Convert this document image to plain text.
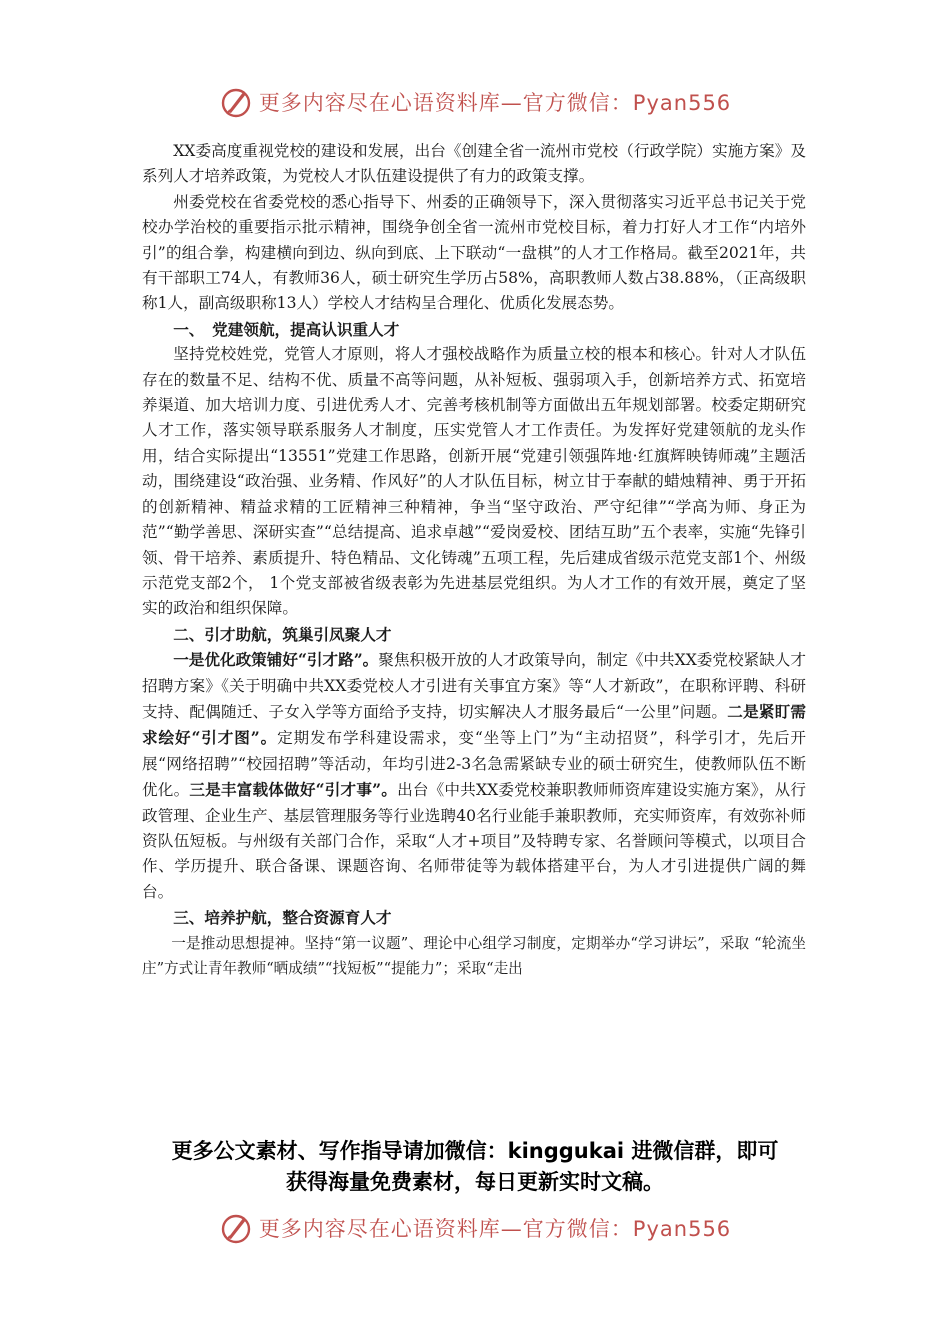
更多内容尽在心语资料库—官方微信：Pyan556

XX委高度重视党校的建设和发展，出台《创建全省一流州市党校（行政学院）实施方案》及系列人才培养政策，为党校人才队伍建设提供了有力的政策支撑。

州委党校在省委党校的悉心指导下、州委的正确领导下，深入贯彻落实习近平总书记关于党校办学治校的重要指示批示精神，围绕争创全省一流州市党校目标，着力打好人才工作“内培外引”的组合拳，构建横向到边、纵向到底、上下联动“一盘棋”的人才工作格局。截至2021年，共有干部职工74人，有教师36人，硕士研究生学历占58%，高职教师人数占38.88%，（正高级职称1人，副高级职称13人）学校人才结构呈合理化、优质化发展态势。

一、　党建领航，提高认识重人才

坚持党校姓党，党管人才原则，将人才强校战略作为质量立校的根本和核心。针对人才队伍存在的数量不足、结构不优、质量不高等问题，从补短板、强弱项入手，创新培养方式、拓宽培养渠道、加大培训力度、引进优秀人才、完善考核机制等方面做出五年规划部署。校委定期研究人才工作，落实领导联系服务人才制度，压实党管人才工作责任。为发挥好党建领航的龙头作用，结合实际提出“13551”党建工作思路，创新开展“党建引领强阵地·红旗辉映铸师魂”主题活动，围绕建设“政治强、业务精、作风好”的人才队伍目标，树立甘于奉献的蜡烛精神、勇于开拓的创新精神、精益求精的工匠精神三种精神，争当“坚守政治、严守纪律”“学高为师、身正为范”“勤学善思、深研实查”“总结提高、追求卓越”“爱岗爱校、团结互助”五个表率，实施“先锋引领、骨干培养、素质提升、特色精品、文化铸魂”五项工程，先后建成省级示范党支部1个、州级示范党支部2个， 1个党支部被省级表彰为先进基层党组织。为人才工作的有效开展，奠定了坚实的政治和组织保障。

二、引才助航，筑巢引凤聚人才

一是优化政策铺好“引才路”。聚焦积极开放的人才政策导向，制定《中共XX委党校紧缺人才招聘方案》《关于明确中共XX委党校人才引进有关事宜方案》等“人才新政”，在职称评聘、科研支持、配偶随迁、子女入学等方面给予支持，切实解决人才服务最后“一公里”问题。二是紧盯需求绘好“引才图”。定期发布学科建设需求，变“坐等上门”为“主动招贤”，科学引才，先后开展“网络招聘”“校园招聘”等活动，年均引进2-3名急需紧缺专业的硕士研究生，使教师队伍不断优化。三是丰富载体做好“引才事”。出台《中共XX委党校兼职教师师资库建设实施方案》，从行政管理、企业生产、基层管理服务等行业选聘40名行业能手兼职教师，充实师资库，有效弥补师资队伍短板。与州级有关部门合作，采取“人才+项目”及特聘专家、名誉顾问等模式，以项目合作、学历提升、联合备课、课题咨询、名师带徒等为载体搭建平台，为人才引进提供广阔的舞台。

三、培养护航，整合资源育人才

一是推动思想提神。坚持“第一议题”、理论中心组学习制度，定期举办“学习讲坛”，采取 “轮流坐庄”方式让青年教师“晒成绩”“找短板”“提能力”；采取“走出

更多公文素材、写作指导请加微信：kinggukai 进微信群，即可
获得海量免费素材，每日更新实时文稿。
更多内容尽在心语资料库—官方微信：Pyan556
